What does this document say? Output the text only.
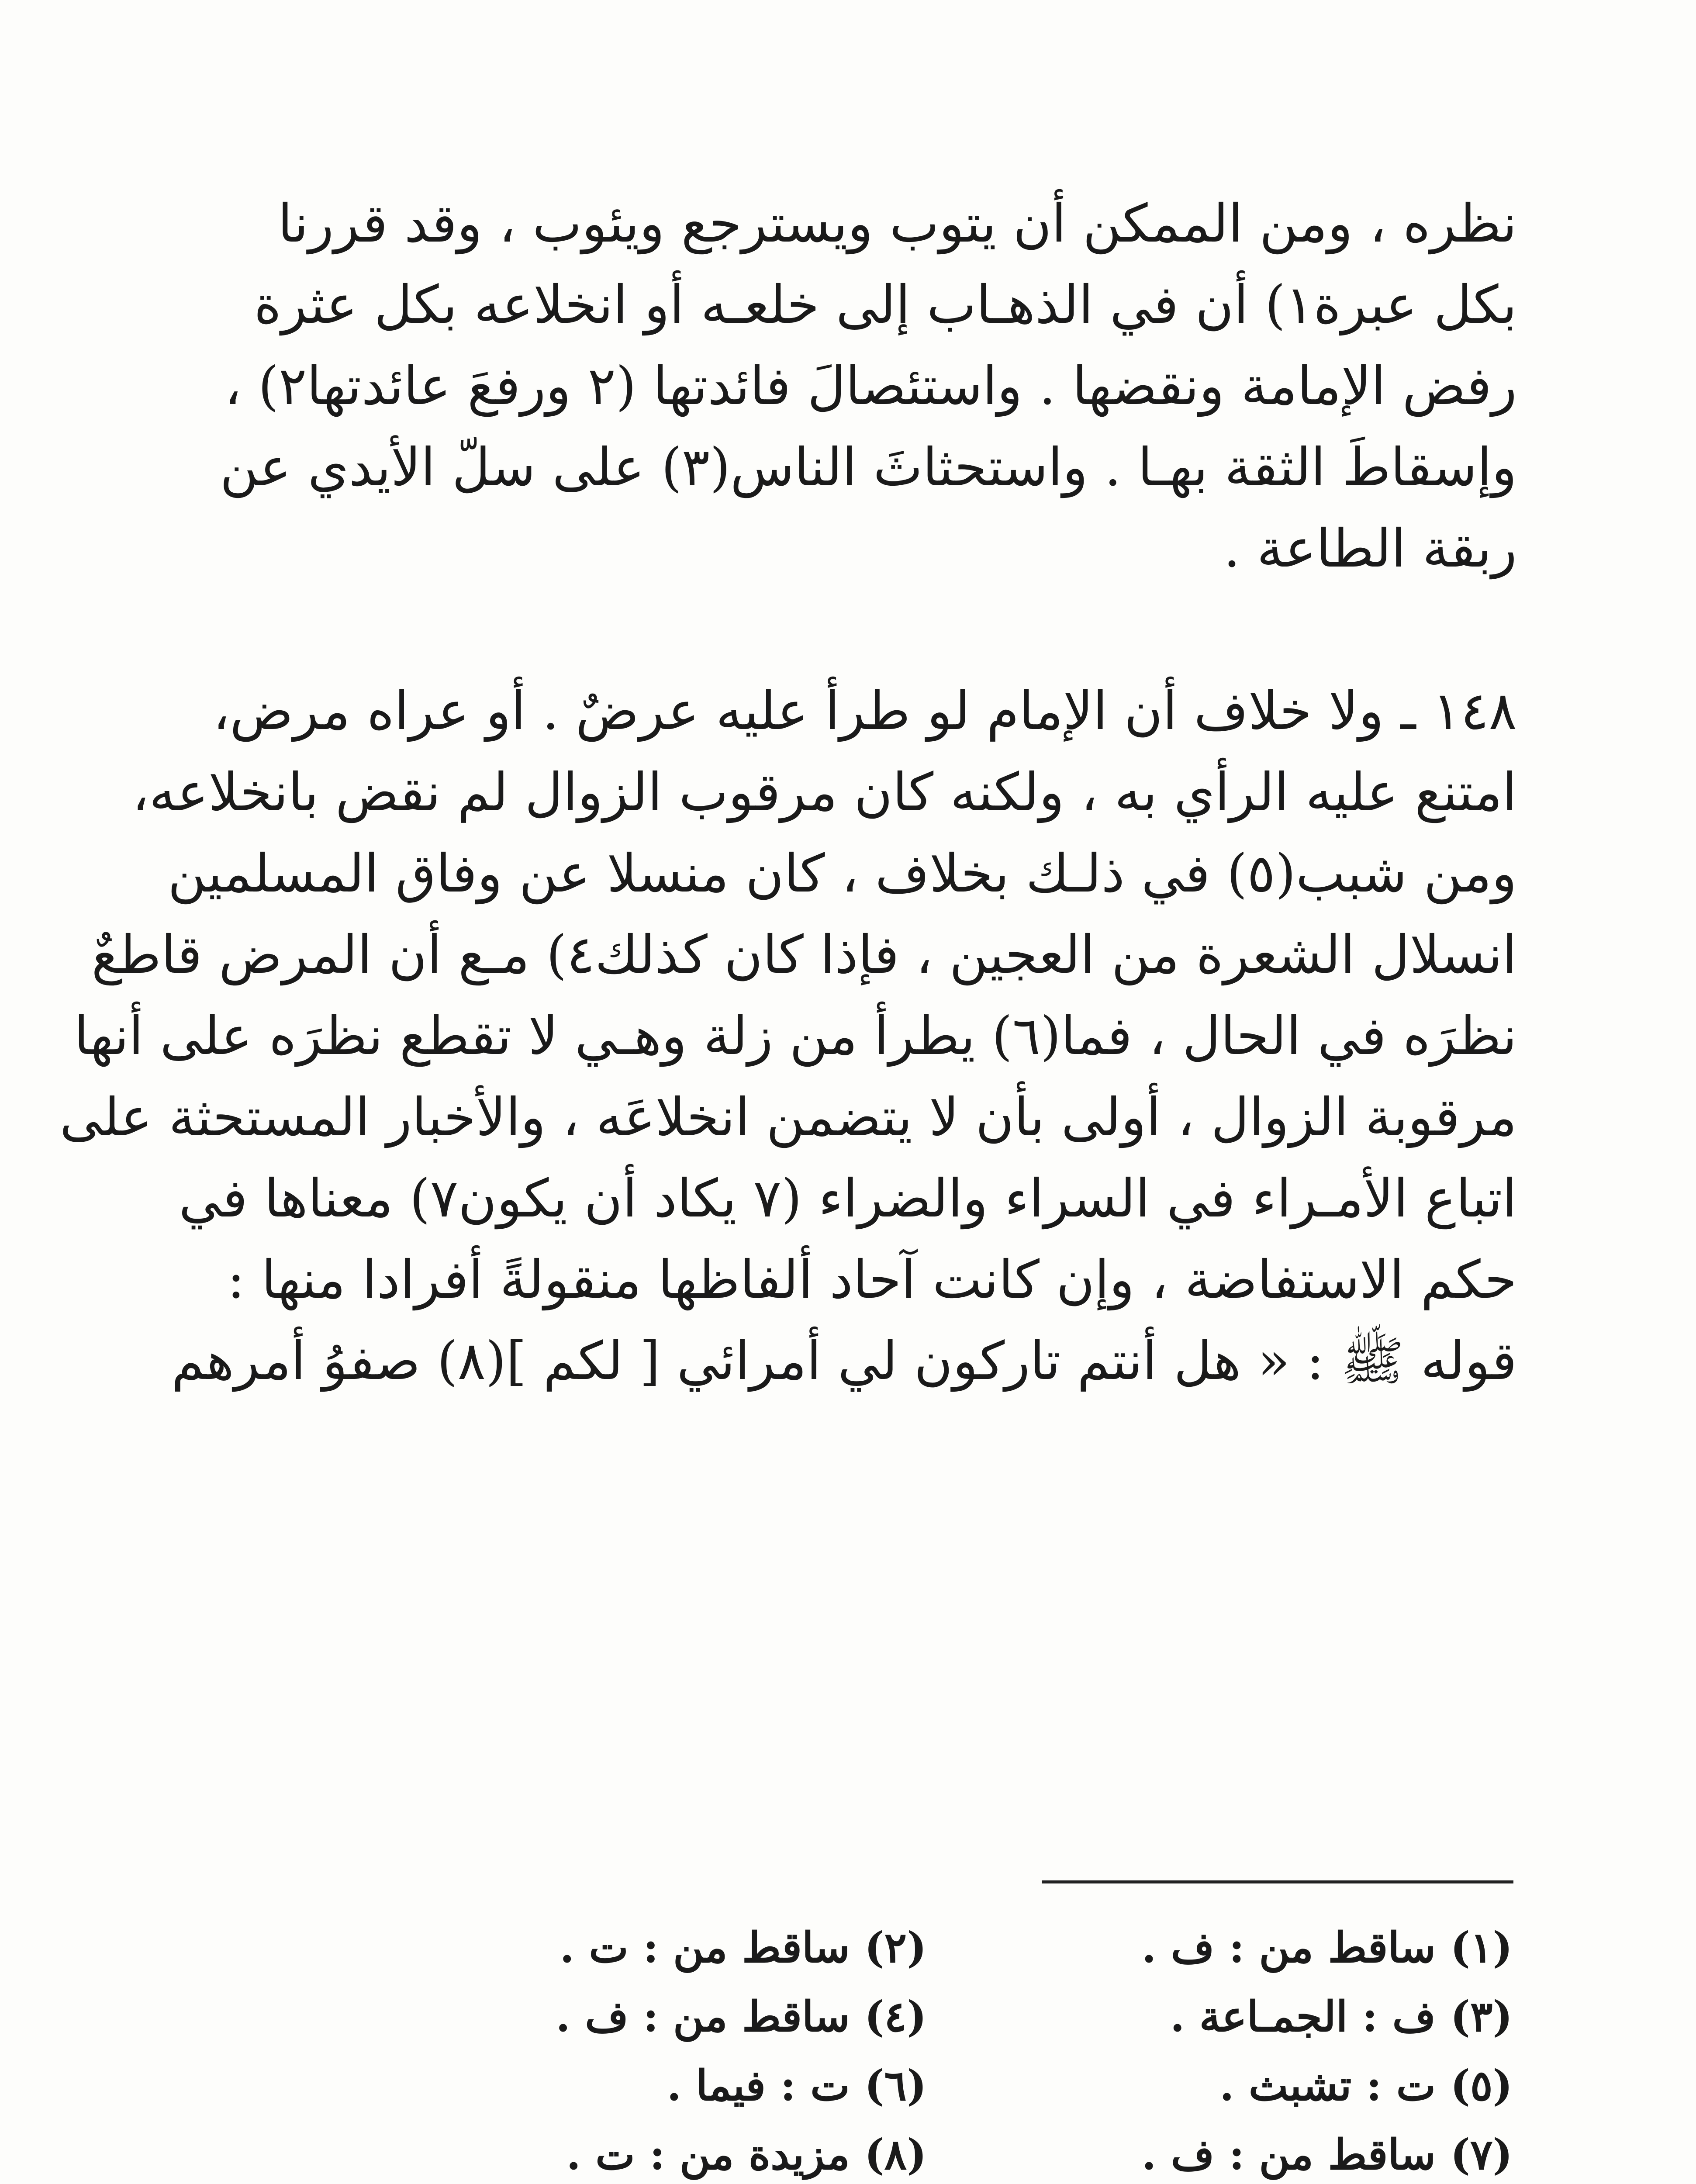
نظره ، ومن الممكن أن يتوب ويسترجع ويئوب ، وقد قررنا
بكل عبرة١) أن في الذهـاب إلى خلعـه أو انخلاعه بكل عثرة
رفض الإمامة ونقضها . واستئصالَ فائدتها (٢ ورفعَ عائدتها٢) ،
وإسقاطَ الثقة بهـا . واستحثاثَ الناس(٣) على سلّ الأيدي عن
ربقة الطاعة .
١٤٨ ـ ولا خلاف أن الإمام لو طرأ عليه عرضٌ . أو عراه مرض،
امتنع عليه الرأي به ، ولكنه كان مرقوب الزوال لم نقض بانخلاعه،
ومن شبب(٥) في ذلـك بخلاف ، كان منسلا عن وفاق المسلمين
انسلال الشعرة من العجين ، فإذا كان كذلك٤) مـع أن المرض قاطعٌ
نظرَه في الحال ، فما(٦) يطرأ من زلة وهـي لا تقطع نظرَه على أنها
مرقوبة الزوال ، أولى بأن لا يتضمن انخلاعَه ، والأخبار المستحثة على
اتباع الأمـراء في السراء والضراء (٧ يكاد أن يكون٧) معناها في
حكم الاستفاضة ، وإن كانت آحاد ألفاظها منقولةً أفرادا منها :
قوله ﷺ : « هل أنتم تاركون لي أمرائي [ لكم ](٨) صفوُ أمرهم
(١) ساقط من : ف .
(٢) ساقط من : ت .
(٣) ف : الجمـاعة .
(٤) ساقط من : ف .
(٥) ت : تشبث .
(٦) ت : فيما .
(٧) ساقط من : ف .
(٨) مزيدة من : ت .
